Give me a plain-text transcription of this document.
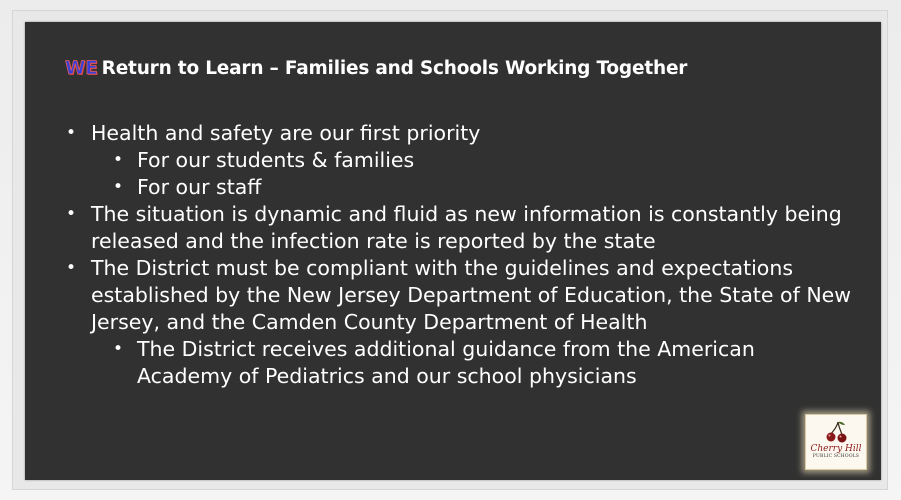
WE Return to Learn – Families and Schools Working Together

• Health and safety are our first priority

• For our students & families

• For our staff

• The situation is dynamic and fluid as new information is constantly being released and the infection rate is reported by the state

• The District must be compliant with the guidelines and expectations established by the New Jersey Department of Education, the State of New Jersey, and the Camden County Department of Health

• The District receives additional guidance from the American Academy of Pediatrics and our school physicians

Cherry Hill
PUBLIC SCHOOLS
